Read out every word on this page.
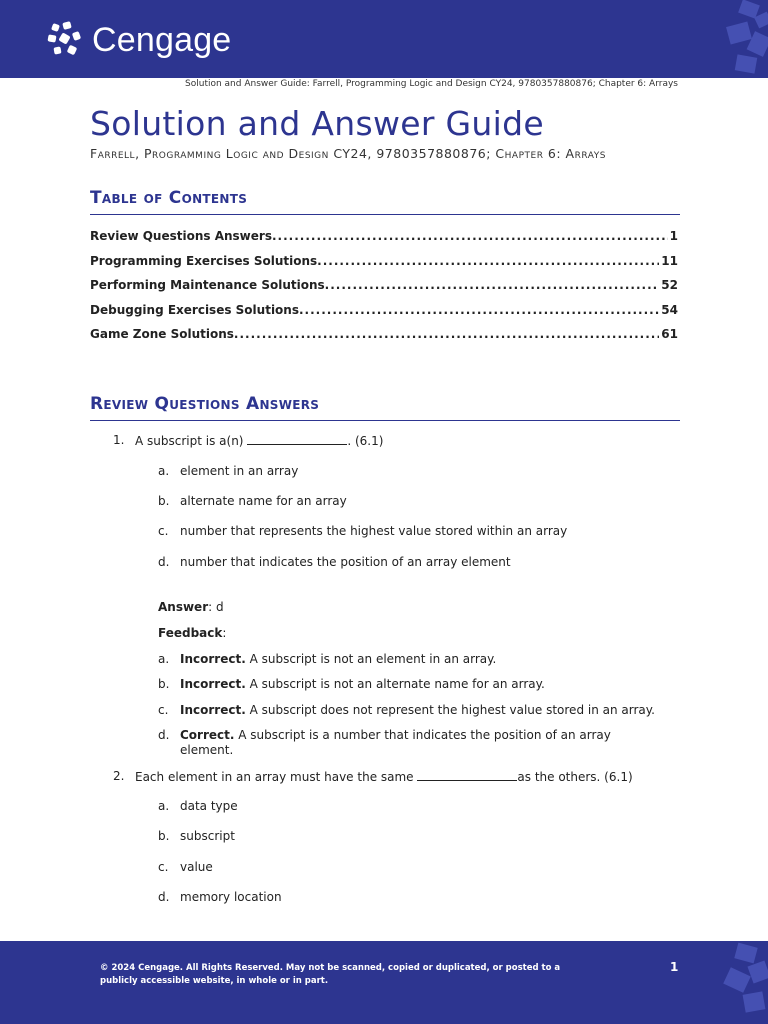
Cengage
Solution and Answer Guide: Farrell, Programming Logic and Design CY24, 9780357880876; Chapter 6: Arrays
Solution and Answer Guide
Farrell, Programming Logic and Design CY24, 9780357880876; Chapter 6: Arrays
Table of Contents
Review Questions Answers .....	1
Programming Exercises Solutions .....	11
Performing Maintenance Solutions .....	52
Debugging Exercises Solutions .....	54
Game Zone Solutions .....	61
Review Questions Answers
1. A subscript is a(n)	. (6.1)
a. element in an array
b. alternate name for an array
c. number that represents the highest value stored within an array
d. number that indicates the position of an array element
Answer: d
Feedback:
a. Incorrect. A subscript is not an element in an array.
b. Incorrect. A subscript is not an alternate name for an array.
c. Incorrect. A subscript does not represent the highest value stored in an array.
d. Correct. A subscript is a number that indicates the position of an array element.
2. Each element in an array must have the same	as the others. (6.1)
a. data type
b. subscript
c. value
d. memory location
© 2024 Cengage. All Rights Reserved. May not be scanned, copied or duplicated, or posted to a publicly accessible website, in whole or in part.
1
